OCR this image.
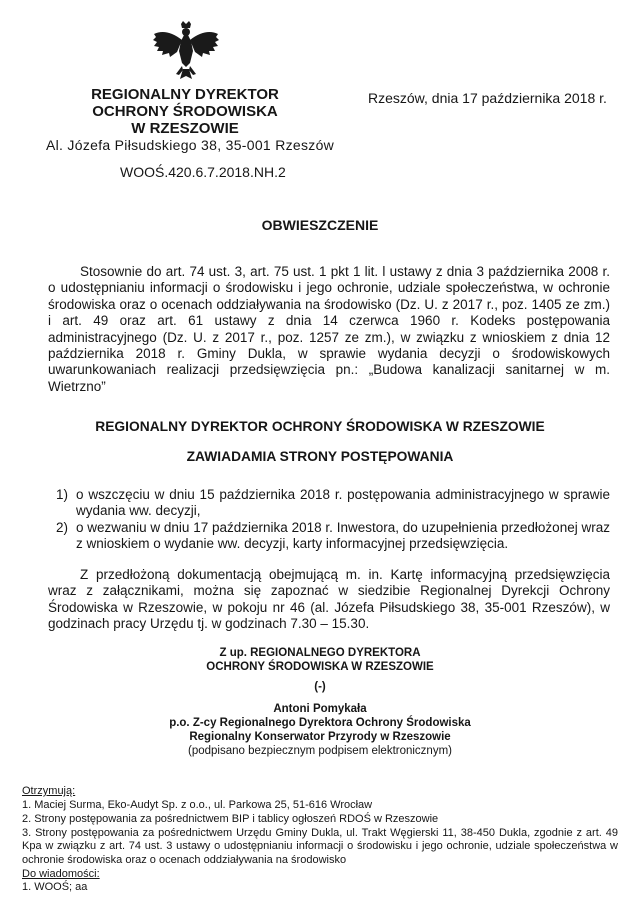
REGIONALNY DYREKTOR
OCHRONY ŚRODOWISKA
W RZESZOWIE
Al. Józefa Piłsudskiego 38, 35-001 Rzeszów
WOOŚ.420.6.7.2018.NH.2
Rzeszów, dnia 17 października 2018 r.
OBWIESZCZENIE
Stosownie do art. 74 ust. 3, art. 75 ust. 1 pkt 1 lit. l ustawy z dnia 3 października 2008 r. o udostępnianiu informacji o środowisku i jego ochronie, udziale społeczeństwa, w ochronie środowiska oraz o ocenach oddziaływania na środowisko (Dz. U. z 2017 r., poz. 1405 ze zm.) i art. 49 oraz art. 61 ustawy z dnia 14 czerwca 1960 r. Kodeks postępowania administracyjnego (Dz. U. z 2017 r., poz. 1257 ze zm.), w związku z wnioskiem z dnia 12 października 2018 r. Gminy Dukla, w sprawie wydania decyzji o środowiskowych uwarunkowaniach realizacji przedsięwzięcia pn.: „Budowa kanalizacji sanitarnej w m. Wietrzno”
REGIONALNY DYREKTOR OCHRONY ŚRODOWISKA W RZESZOWIE
ZAWIADAMIA STRONY POSTĘPOWANIA
1) o wszczęciu w dniu 15 października 2018 r. postępowania administracyjnego w sprawie wydania ww. decyzji,
2) o wezwaniu w dniu 17 października 2018 r. Inwestora, do uzupełnienia przedłożonej wraz z wnioskiem o wydanie ww. decyzji, karty informacyjnej przedsięwzięcia.
Z przedłożoną dokumentacją obejmującą m. in. Kartę informacyjną przedsięwzięcia wraz z załącznikami, można się zapoznać w siedzibie Regionalnej Dyrekcji Ochrony Środowiska w Rzeszowie, w pokoju nr 46 (al. Józefa Piłsudskiego 38, 35-001 Rzeszów), w godzinach pracy Urzędu tj. w godzinach 7.30 – 15.30.
Z up. REGIONALNEGO DYREKTORA
OCHRONY ŚRODOWISKA W RZESZOWIE
(-)
Antoni Pomykała
p.o. Z-cy Regionalnego Dyrektora Ochrony Środowiska
Regionalny Konserwator Przyrody w Rzeszowie
(podpisano bezpiecznym podpisem elektronicznym)
Otrzymują:
1. Maciej Surma, Eko-Audyt Sp. z o.o., ul. Parkowa 25, 51-616 Wrocław
2. Strony postępowania za pośrednictwem BIP i tablicy ogłoszeń RDOŚ w Rzeszowie
3. Strony postępowania za pośrednictwem Urzędu Gminy Dukla, ul. Trakt Węgierski 11, 38-450 Dukla, zgodnie z art. 49 Kpa w związku z art. 74 ust. 3 ustawy o udostępnianiu informacji o środowisku i jego ochronie, udziale społeczeństwa w ochronie środowiska oraz o ocenach oddziaływania na środowisko
Do wiadomości:
1. WOOŚ; aa
